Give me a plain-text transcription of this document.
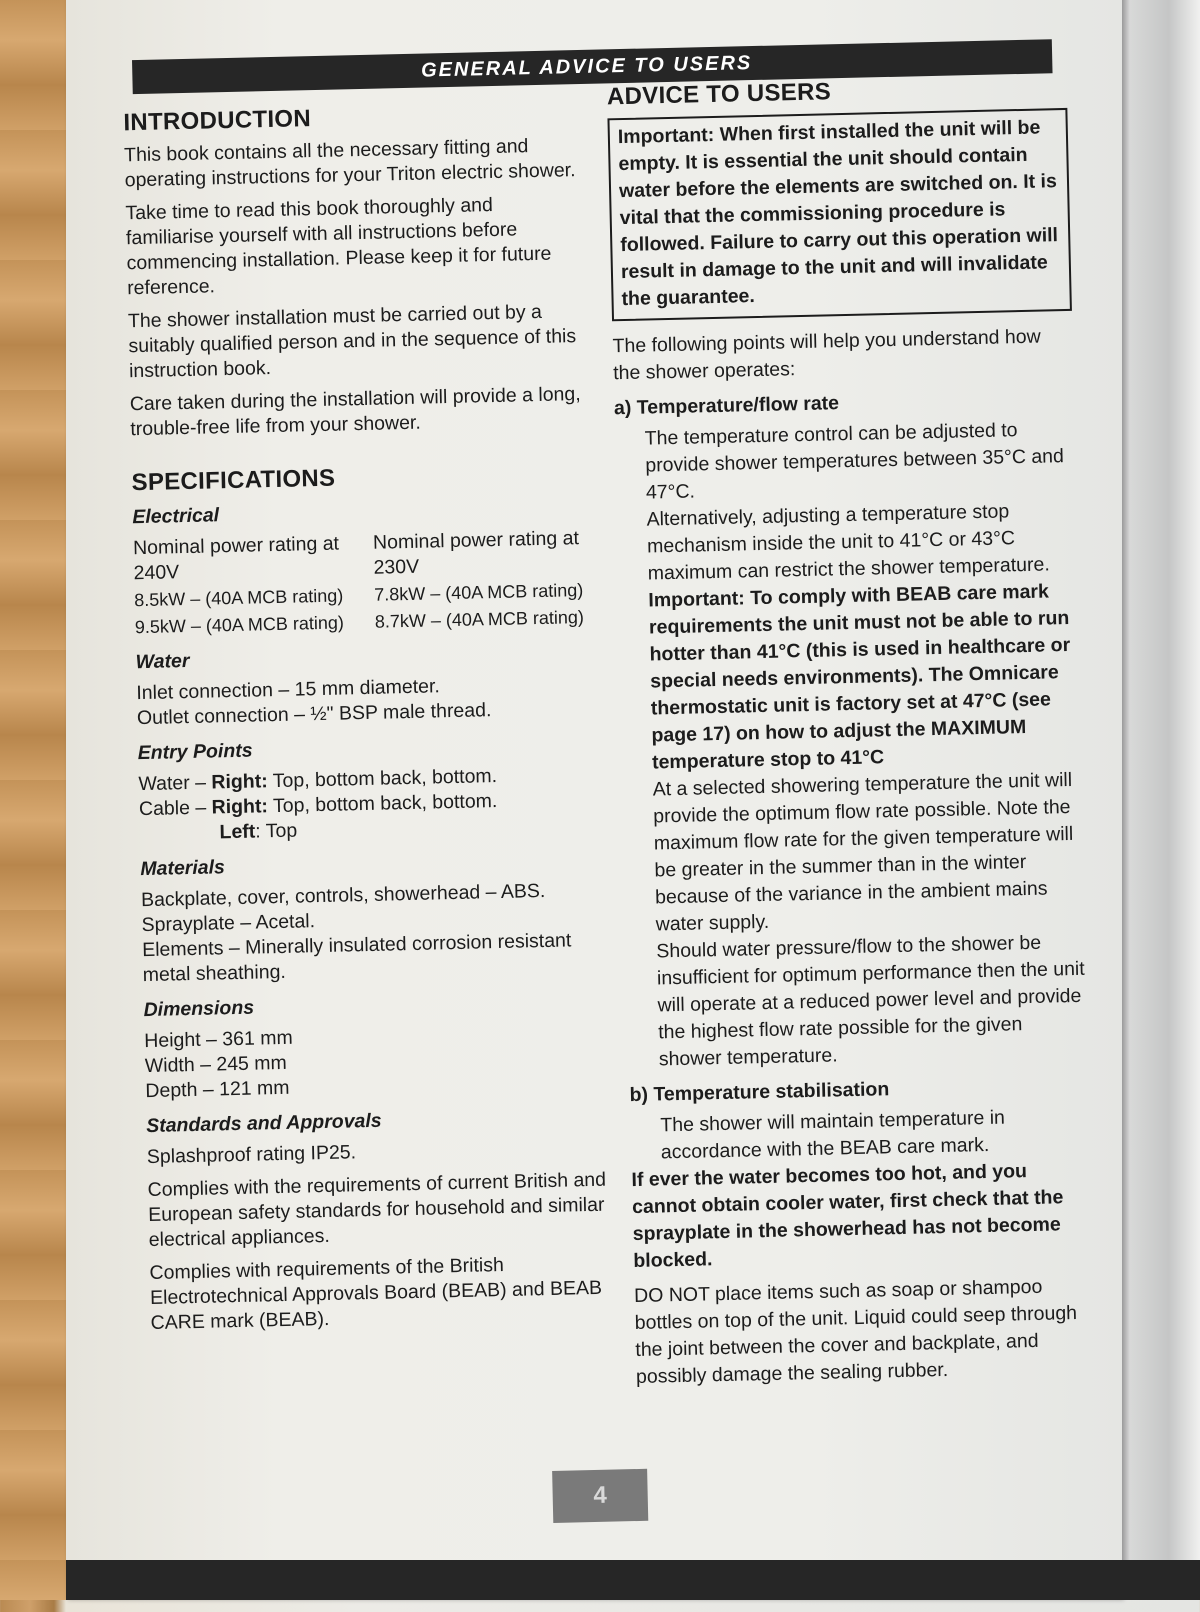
GENERAL ADVICE TO USERS
INTRODUCTION

This book contains all the necessary fitting and operating instructions for your Triton electric shower.

Take time to read this book thoroughly and familiarise yourself with all instructions before commencing installation. Please keep it for future reference.

The shower installation must be carried out by a suitably qualified person and in the sequence of this instruction book.

Care taken during the installation will provide a long, trouble-free life from your shower.

SPECIFICATIONS
Electrical
Nominal power rating at 240V
Nominal power rating at 230V
8.5kW – (40A MCB rating)	7.8kW – (40A MCB rating)
9.5kW – (40A MCB rating)	8.7kW – (40A MCB rating)
Water
Inlet connection – 15 mm diameter.
Outlet connection – ½" BSP male thread.
Entry Points
Water – Right: Top, bottom back, bottom.
Cable – Right: Top, bottom back, bottom.
Left: Top
Materials
Backplate, cover, controls, showerhead – ABS.
Sprayplate – Acetal.
Elements – Minerally insulated corrosion resistant metal sheathing.
Dimensions
Height – 361 mm
Width – 245 mm
Depth – 121 mm
Standards and Approvals

Splashproof rating IP25.

Complies with the requirements of current British and European safety standards for household and similar electrical appliances.

Complies with requirements of the British Electrotechnical Approvals Board (BEAB) and BEAB CARE mark (BEAB).

ADVICE TO USERS
Important: When first installed the unit will be empty. It is essential the unit should contain water before the elements are switched on. It is vital that the commissioning procedure is followed. Failure to carry out this operation will result in damage to the unit and will invalidate the guarantee.

The following points will help you understand how the shower operates:

a) Temperature/flow rate
The temperature control can be adjusted to provide shower temperatures between 35°C and 47°C.
Alternatively, adjusting a temperature stop mechanism inside the unit to 41°C or 43°C maximum can restrict the shower temperature.
Important: To comply with BEAB care mark requirements the unit must not be able to run hotter than 41°C (this is used in healthcare or special needs environments). The Omnicare thermostatic unit is factory set at 47°C (see page 17) on how to adjust the MAXIMUM temperature stop to 41°C
At a selected showering temperature the unit will provide the optimum flow rate possible. Note the maximum flow rate for the given temperature will be greater in the summer than in the winter because of the variance in the ambient mains water supply.
Should water pressure/flow to the shower be insufficient for optimum performance then the unit will operate at a reduced power level and provide the highest flow rate possible for the given shower temperature.
b) Temperature stabilisation
The shower will maintain temperature in accordance with the BEAB care mark.

If ever the water becomes too hot, and you cannot obtain cooler water, first check that the sprayplate in the showerhead has not become blocked.

DO NOT place items such as soap or shampoo bottles on top of the unit. Liquid could seep through the joint between the cover and backplate, and possibly damage the sealing rubber.

4
